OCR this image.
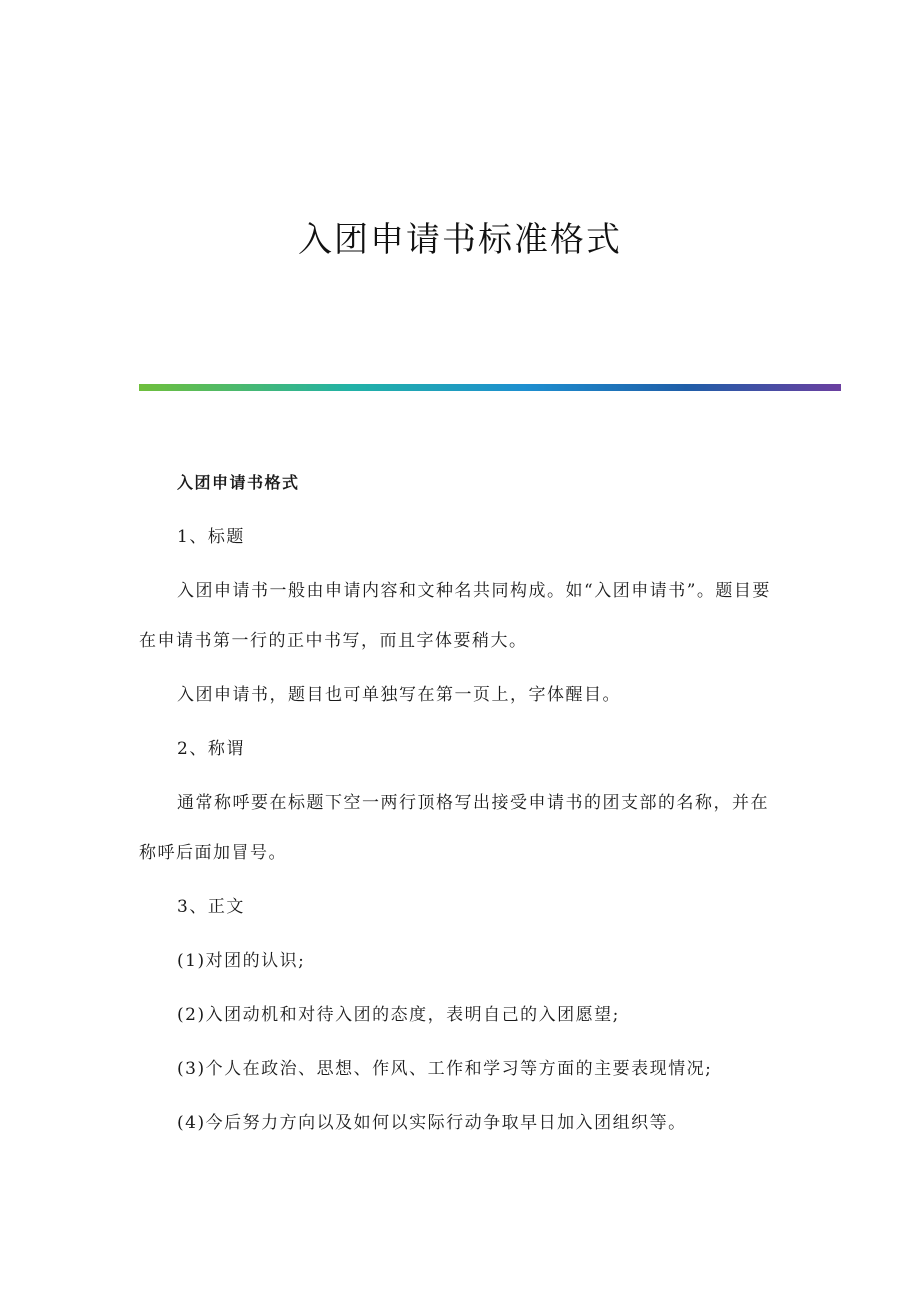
入团申请书标准格式

入团申请书格式

1、标题

入团申请书一般由申请内容和文种名共同构成。如“入团申请书”。题目要在申请书第一行的正中书写，而且字体要稍大。

入团申请书，题目也可单独写在第一页上，字体醒目。

2、称谓

通常称呼要在标题下空一两行顶格写出接受申请书的团支部的名称，并在称呼后面加冒号。

3、正文

(1)对团的认识;

(2)入团动机和对待入团的态度，表明自己的入团愿望;

(3)个人在政治、思想、作风、工作和学习等方面的主要表现情况;

(4)今后努力方向以及如何以实际行动争取早日加入团组织等。
